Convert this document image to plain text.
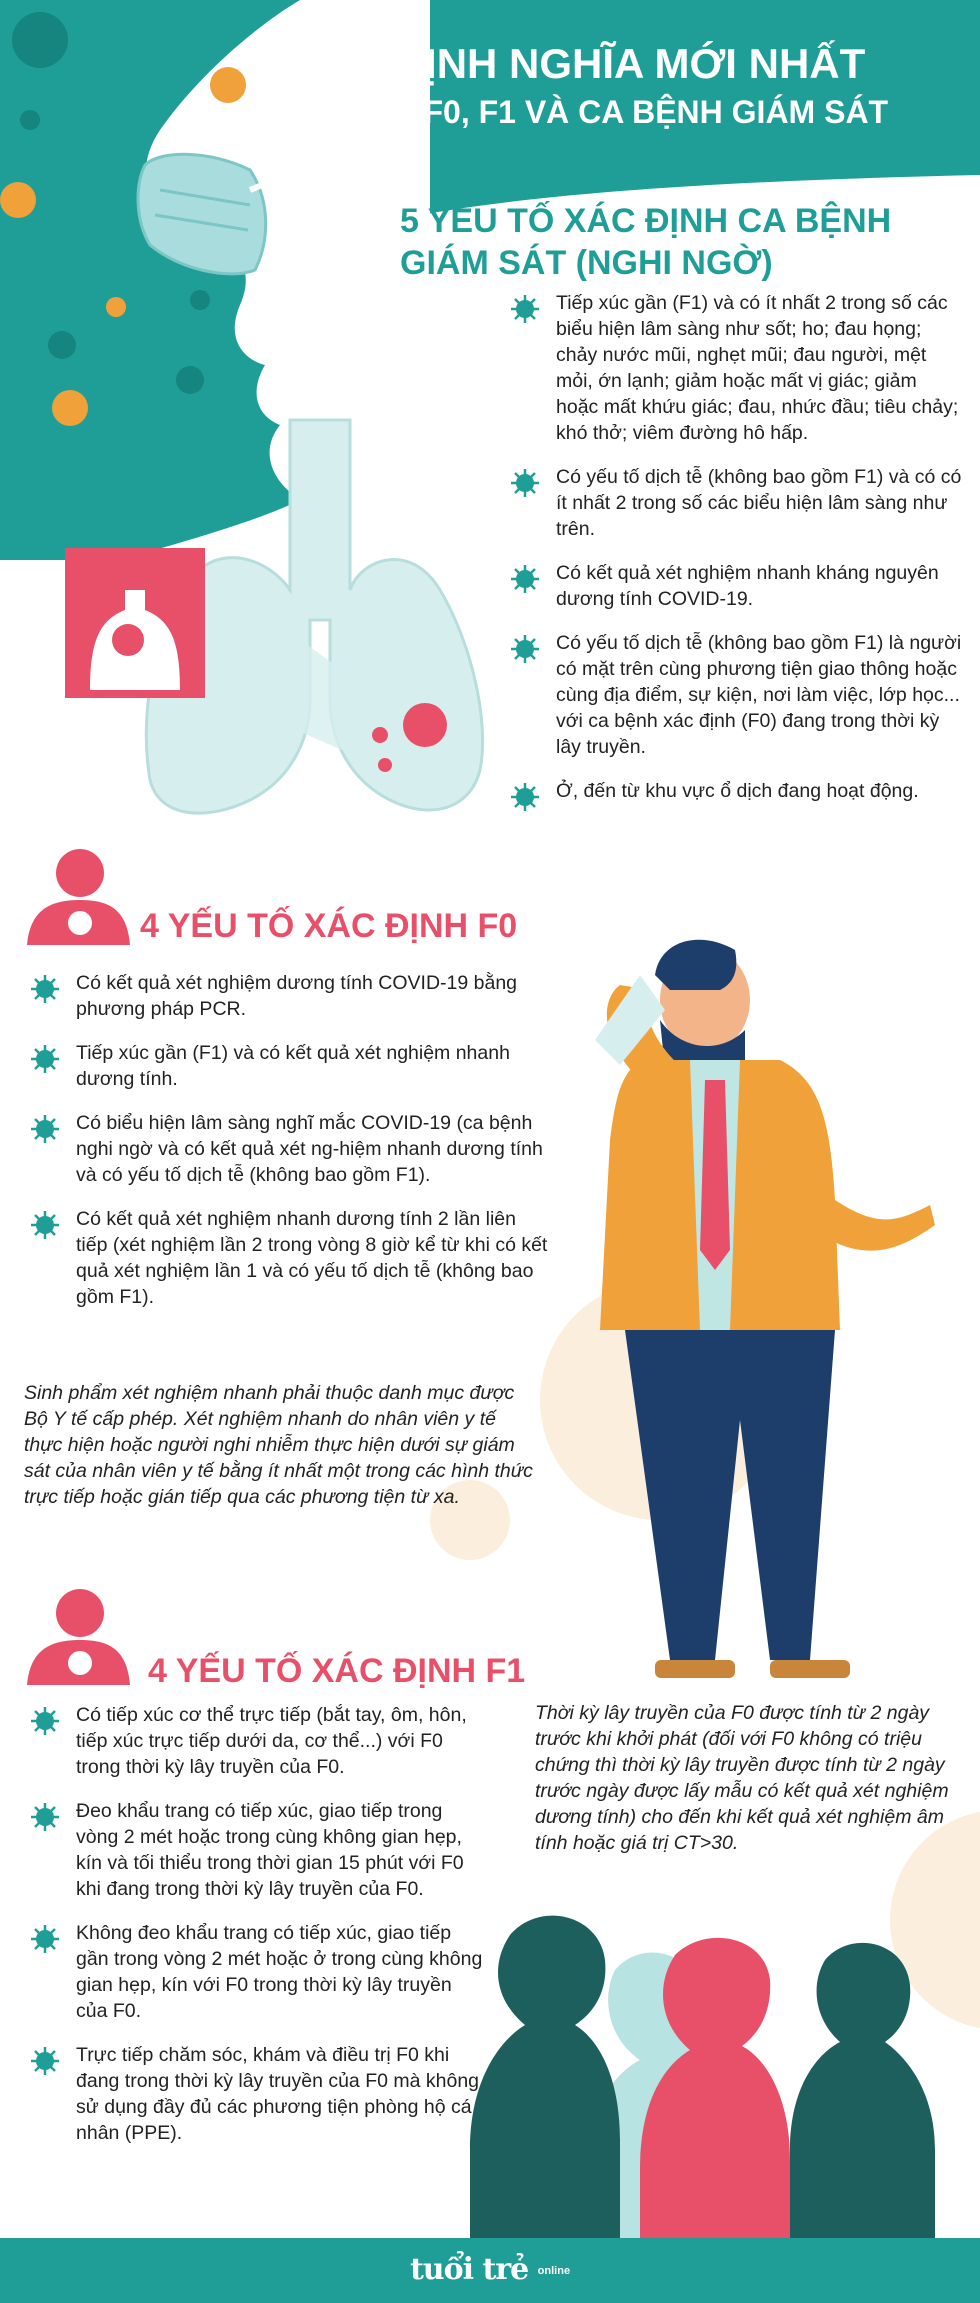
ĐỊNH NGHĨA MỚI NHẤT
VỀ F0, F1 VÀ CA BỆNH GIÁM SÁT
5 YẾU TỐ XÁC ĐỊNH CA BỆNH
GIÁM SÁT (NGHI NGỜ)
Tiếp xúc gần (F1) và có ít nhất 2 trong số các biểu hiện lâm sàng như sốt; ho; đau họng; chảy nước mũi, nghẹt mũi; đau người, mệt mỏi, ớn lạnh; giảm hoặc mất vị giác; giảm hoặc mất khứu giác; đau, nhức đầu; tiêu chảy; khó thở; viêm đường hô hấp.
Có yếu tố dịch tễ (không bao gồm F1) và có có ít nhất 2 trong số các biểu hiện lâm sàng như trên.
Có kết quả xét nghiệm nhanh kháng nguyên dương tính COVID-19.
Có yếu tố dịch tễ (không bao gồm F1) là người có mặt trên cùng phương tiện giao thông hoặc cùng địa điểm, sự kiện, nơi làm việc, lớp học... với ca bệnh xác định (F0) đang trong thời kỳ lây truyền.
Ở, đến từ khu vực ổ dịch đang hoạt động.
4 YẾU TỐ XÁC ĐỊNH F0
Có kết quả xét nghiệm dương tính COVID-19 bằng phương pháp PCR.
Tiếp xúc gần (F1) và có kết quả xét nghiệm nhanh dương tính.
Có biểu hiện lâm sàng nghĩ mắc COVID-19 (ca bệnh nghi ngờ và có kết quả xét ng-hiệm nhanh dương tính và có yếu tố dịch tễ (không bao gồm F1).
Có kết quả xét nghiệm nhanh dương tính 2 lần liên tiếp (xét nghiệm lần 2 trong vòng 8 giờ kể từ khi có kết quả xét nghiệm lần 1 và có yếu tố dịch tễ (không bao gồm F1).
Sinh phẩm xét nghiệm nhanh phải thuộc danh mục được Bộ Y tế cấp phép. Xét nghiệm nhanh do nhân viên y tế thực hiện hoặc người nghi nhiễm thực hiện dưới sự giám sát của nhân viên y tế bằng ít nhất một trong các hình thức trực tiếp hoặc gián tiếp qua các phương tiện từ xa.
4 YẾU TỐ XÁC ĐỊNH F1
Có tiếp xúc cơ thể trực tiếp (bắt tay, ôm, hôn, tiếp xúc trực tiếp dưới da, cơ thể...) với F0 trong thời kỳ lây truyền của F0.
Đeo khẩu trang có tiếp xúc, giao tiếp trong vòng 2 mét hoặc trong cùng không gian hẹp, kín và tối thiểu trong thời gian 15 phút với F0 khi đang trong thời kỳ lây truyền của F0.
Không đeo khẩu trang có tiếp xúc, giao tiếp gần trong vòng 2 mét hoặc ở trong cùng không gian hẹp, kín với F0 trong thời kỳ lây truyền của F0.
Trực tiếp chăm sóc, khám và điều trị F0 khi đang trong thời kỳ lây truyền của F0 mà không sử dụng đầy đủ các phương tiện phòng hộ cá nhân (PPE).
Thời kỳ lây truyền của F0 được tính từ 2 ngày trước khi khởi phát (đối với F0 không có triệu chứng thì thời kỳ lây truyền được tính từ 2 ngày trước ngày được lấy mẫu có kết quả xét nghiệm dương tính) cho đến khi kết quả xét nghiệm âm tính hoặc giá trị CT>30.
tuổi trẻ online
